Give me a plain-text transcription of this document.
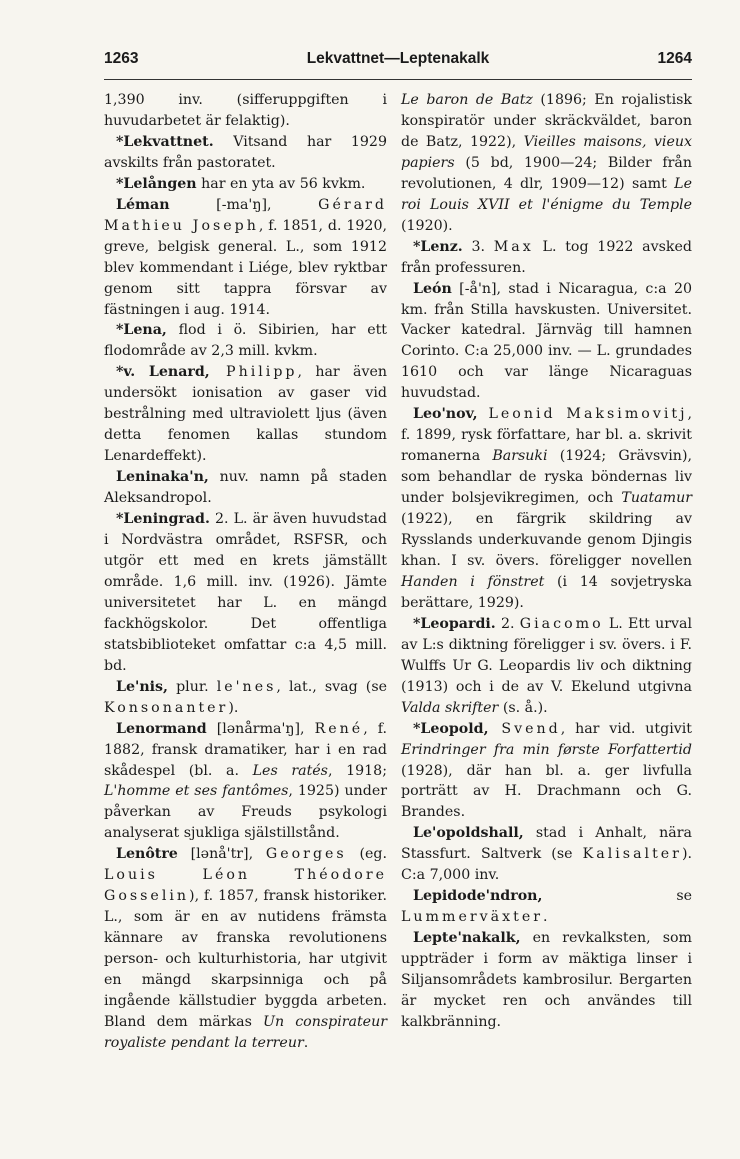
1263	Lekvattnet—Leptenakalk	1264

1,390 inv. (sifferuppgiften i huvudarbetet är felaktig).

*Lekvattnet. Vitsand har 1929 avskilts från pastoratet.

*Lelången har en yta av 56 kvkm.

Léman [-ma'ŋ], Gérard Mathieu Joseph, f. 1851, d. 1920, greve, belgisk general. L., som 1912 blev kommendant i Liége, blev ryktbar genom sitt tappra försvar av fästningen i aug. 1914.

*Lena, flod i ö. Sibirien, har ett flodområde av 2,3 mill. kvkm.

*v. Lenard, Philipp, har även undersökt ionisation av gaser vid bestrålning med ultraviolett ljus (även detta fenomen kallas stundom Lenardeffekt).

Leninaka'n, nuv. namn på staden Aleksandropol.

*Leningrad. 2. L. är även huvudstad i Nordvästra området, RSFSR, och utgör ett med en krets jämställt område. 1,6 mill. inv. (1926). Jämte universitetet har L. en mängd fackhögskolor. Det offentliga statsbiblioteket omfattar c:a 4,5 mill. bd.

Le'nis, plur. le'nes, lat., svag (se Konsonanter).

Lenormand [lənårma'ŋ], René, f. 1882, fransk dramatiker, har i en rad skådespel (bl. a. Les ratés, 1918; L'homme et ses fantômes, 1925) under påverkan av Freuds psykologi analyserat sjukliga själstillstånd.

Lenôtre [lənå'tr], Georges (eg. Louis Léon Théodore Gosselin), f. 1857, fransk historiker. L., som är en av nutidens främsta kännare av franska revolutionens person- och kulturhistoria, har utgivit en mängd skarpsinniga och på ingående källstudier byggda arbeten. Bland dem märkas Un conspirateur royaliste pendant la terreur.

Le baron de Batz (1896; En rojalistisk konspiratör under skräckväldet, baron de Batz, 1922), Vieilles maisons, vieux papiers (5 bd, 1900—24; Bilder från revolutionen, 4 dlr, 1909—12) samt Le roi Louis XVII et l'énigme du Temple (1920).

*Lenz. 3. Max L. tog 1922 avsked från professuren.

León [-å'n], stad i Nicaragua, c:a 20 km. från Stilla havskusten. Universitet. Vacker katedral. Järnväg till hamnen Corinto. C:a 25,000 inv. — L. grundades 1610 och var länge Nicaraguas huvudstad.

Leo'nov, Leonid Maksimovitj, f. 1899, rysk författare, har bl. a. skrivit romanerna Barsuki (1924; Grävsvin), som behandlar de ryska böndernas liv under bolsjevikregimen, och Tuatamur (1922), en färgrik skildring av Rysslands underkuvande genom Djingis khan. I sv. övers. föreligger novellen Handen i fönstret (i 14 sovjetryska berättare, 1929).

*Leopardi. 2. Giacomo L. Ett urval av L:s diktning föreligger i sv. övers. i F. Wulffs Ur G. Leopardis liv och diktning (1913) och i de av V. Ekelund utgivna Valda skrifter (s. å.).

*Leopold, Svend, har vid. utgivit Erindringer fra min første Forfattertid (1928), där han bl. a. ger livfulla porträtt av H. Drachmann och G. Brandes.

Le'opoldshall, stad i Anhalt, nära Stassfurt. Saltverk (se Kalisalter). C:a 7,000 inv.

Lepidode'ndron, se Lummerväxter.

Lepte'nakalk, en revkalksten, som uppträder i form av mäktiga linser i Siljansområdets kambrosilur. Bergarten är mycket ren och användes till kalkbränning.
